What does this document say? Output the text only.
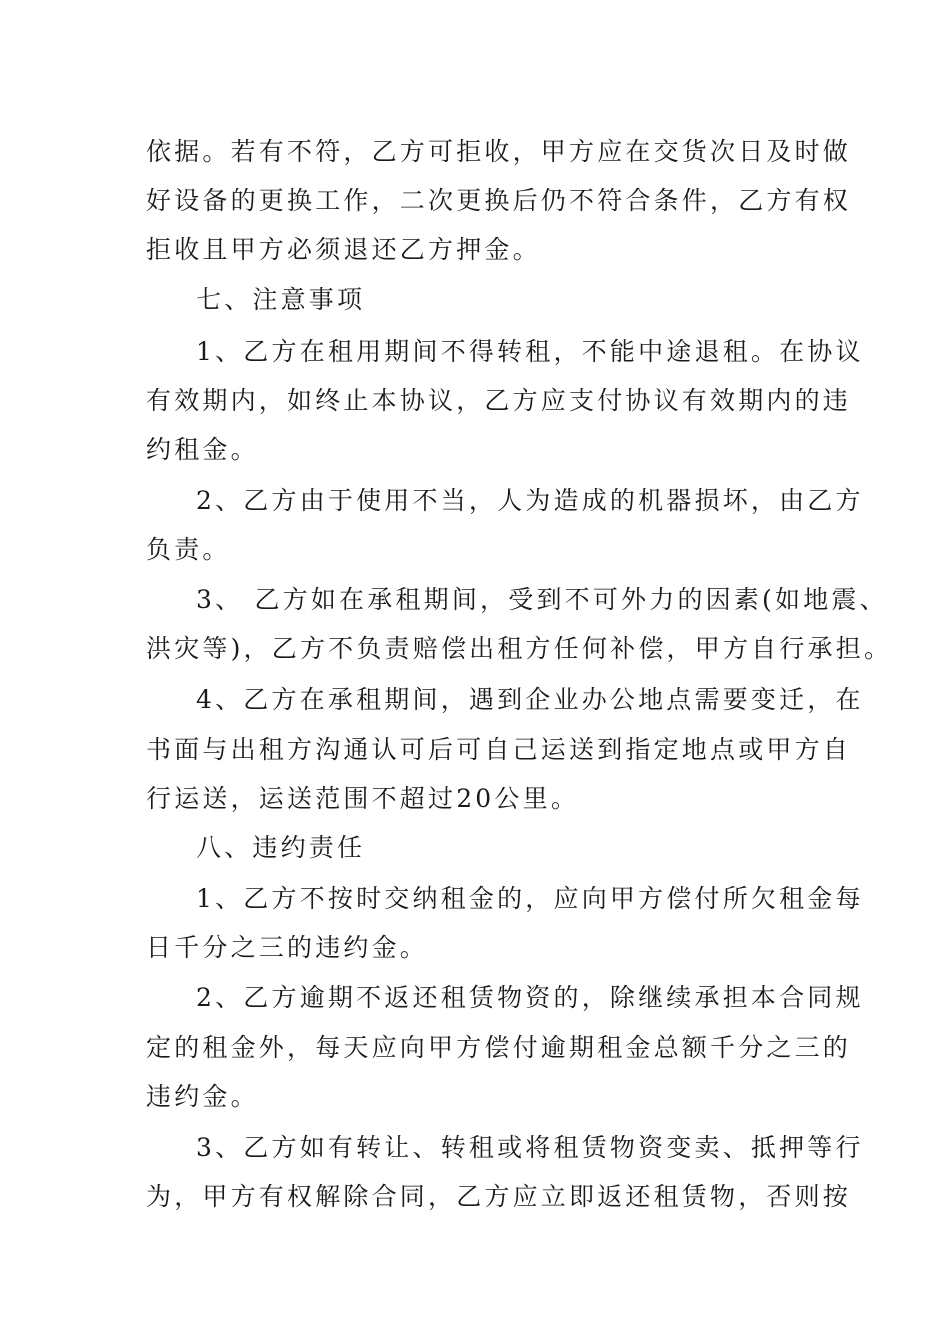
依据。若有不符，乙方可拒收，甲方应在交货次日及时做
好设备的更换工作，二次更换后仍不符合条件，乙方有权
拒收且甲方必须退还乙方押金。
七、注意事项
1、乙方在租用期间不得转租，不能中途退租。在协议
有效期内，如终止本协议，乙方应支付协议有效期内的违
约租金。
2、乙方由于使用不当，人为造成的机器损坏，由乙方
负责。
3、 乙方如在承租期间，受到不可外力的因素(如地震、
洪灾等)，乙方不负责赔偿出租方任何补偿，甲方自行承担。
4、乙方在承租期间，遇到企业办公地点需要变迁，在
书面与出租方沟通认可后可自己运送到指定地点或甲方自
行运送，运送范围不超过20公里。
八、违约责任
1、乙方不按时交纳租金的，应向甲方偿付所欠租金每
日千分之三的违约金。
2、乙方逾期不返还租赁物资的，除继续承担本合同规
定的租金外，每天应向甲方偿付逾期租金总额千分之三的
违约金。
3、乙方如有转让、转租或将租赁物资变卖、抵押等行
为，甲方有权解除合同，乙方应立即返还租赁物，否则按
